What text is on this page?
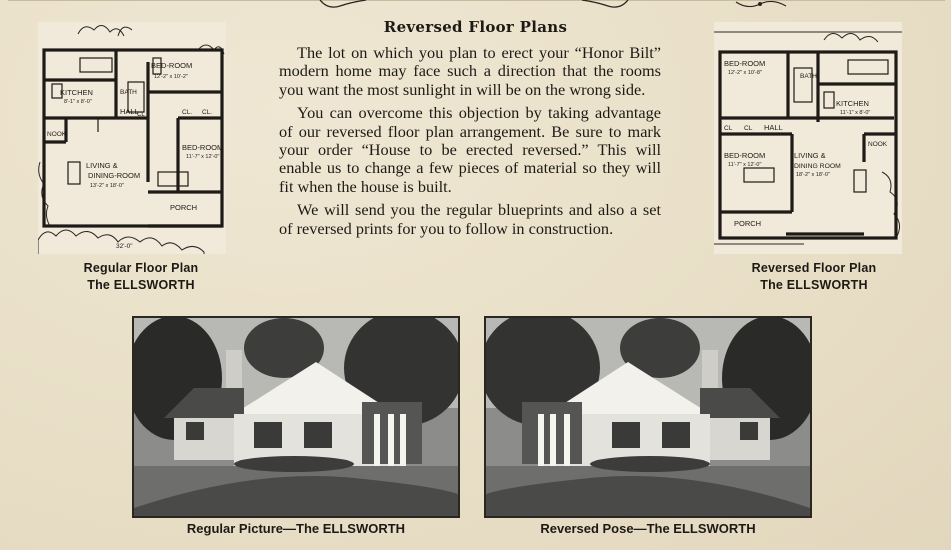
Reversed Floor Plans

The lot on which you plan to erect your “Honor Bilt” modern home may face such a direction that the rooms you want the most sunlight in will be on the wrong side.

You can overcome this objection by taking advantage of our reversed floor plan arrangement. Be sure to mark your order “House to be erected reversed.” This will enable us to change a few pieces of material so they will fit when the house is built.

We will send you the regular blueprints and also a set of reversed prints for you to follow in construction.

BED-ROOM
12'-2" x 10'-2"
KITCHEN
8'-1" x 8'-0"
BATH
CL
HALL	CL. CL.
NOOK
LIVING &
DINING-ROOM
13'-2" x 18'-0"
BED-ROOM
11'-7" x 12'-0"
PORCH
32'-0"
Regular Floor Plan
The ELLSWORTH
BED-ROOM
12'-2" x 10'-8"	BATH
KITCHEN
11'-1" x 8'-0"
CL CL HALL
BED-ROOM
11'-7" x 12'-0"
LIVING &
DINING ROOM
18'-2" x 18'-0"
NOOK
PORCH
Reversed Floor Plan
The ELLSWORTH
Regular Picture—The ELLSWORTH	Reversed Pose—The ELLSWORTH
